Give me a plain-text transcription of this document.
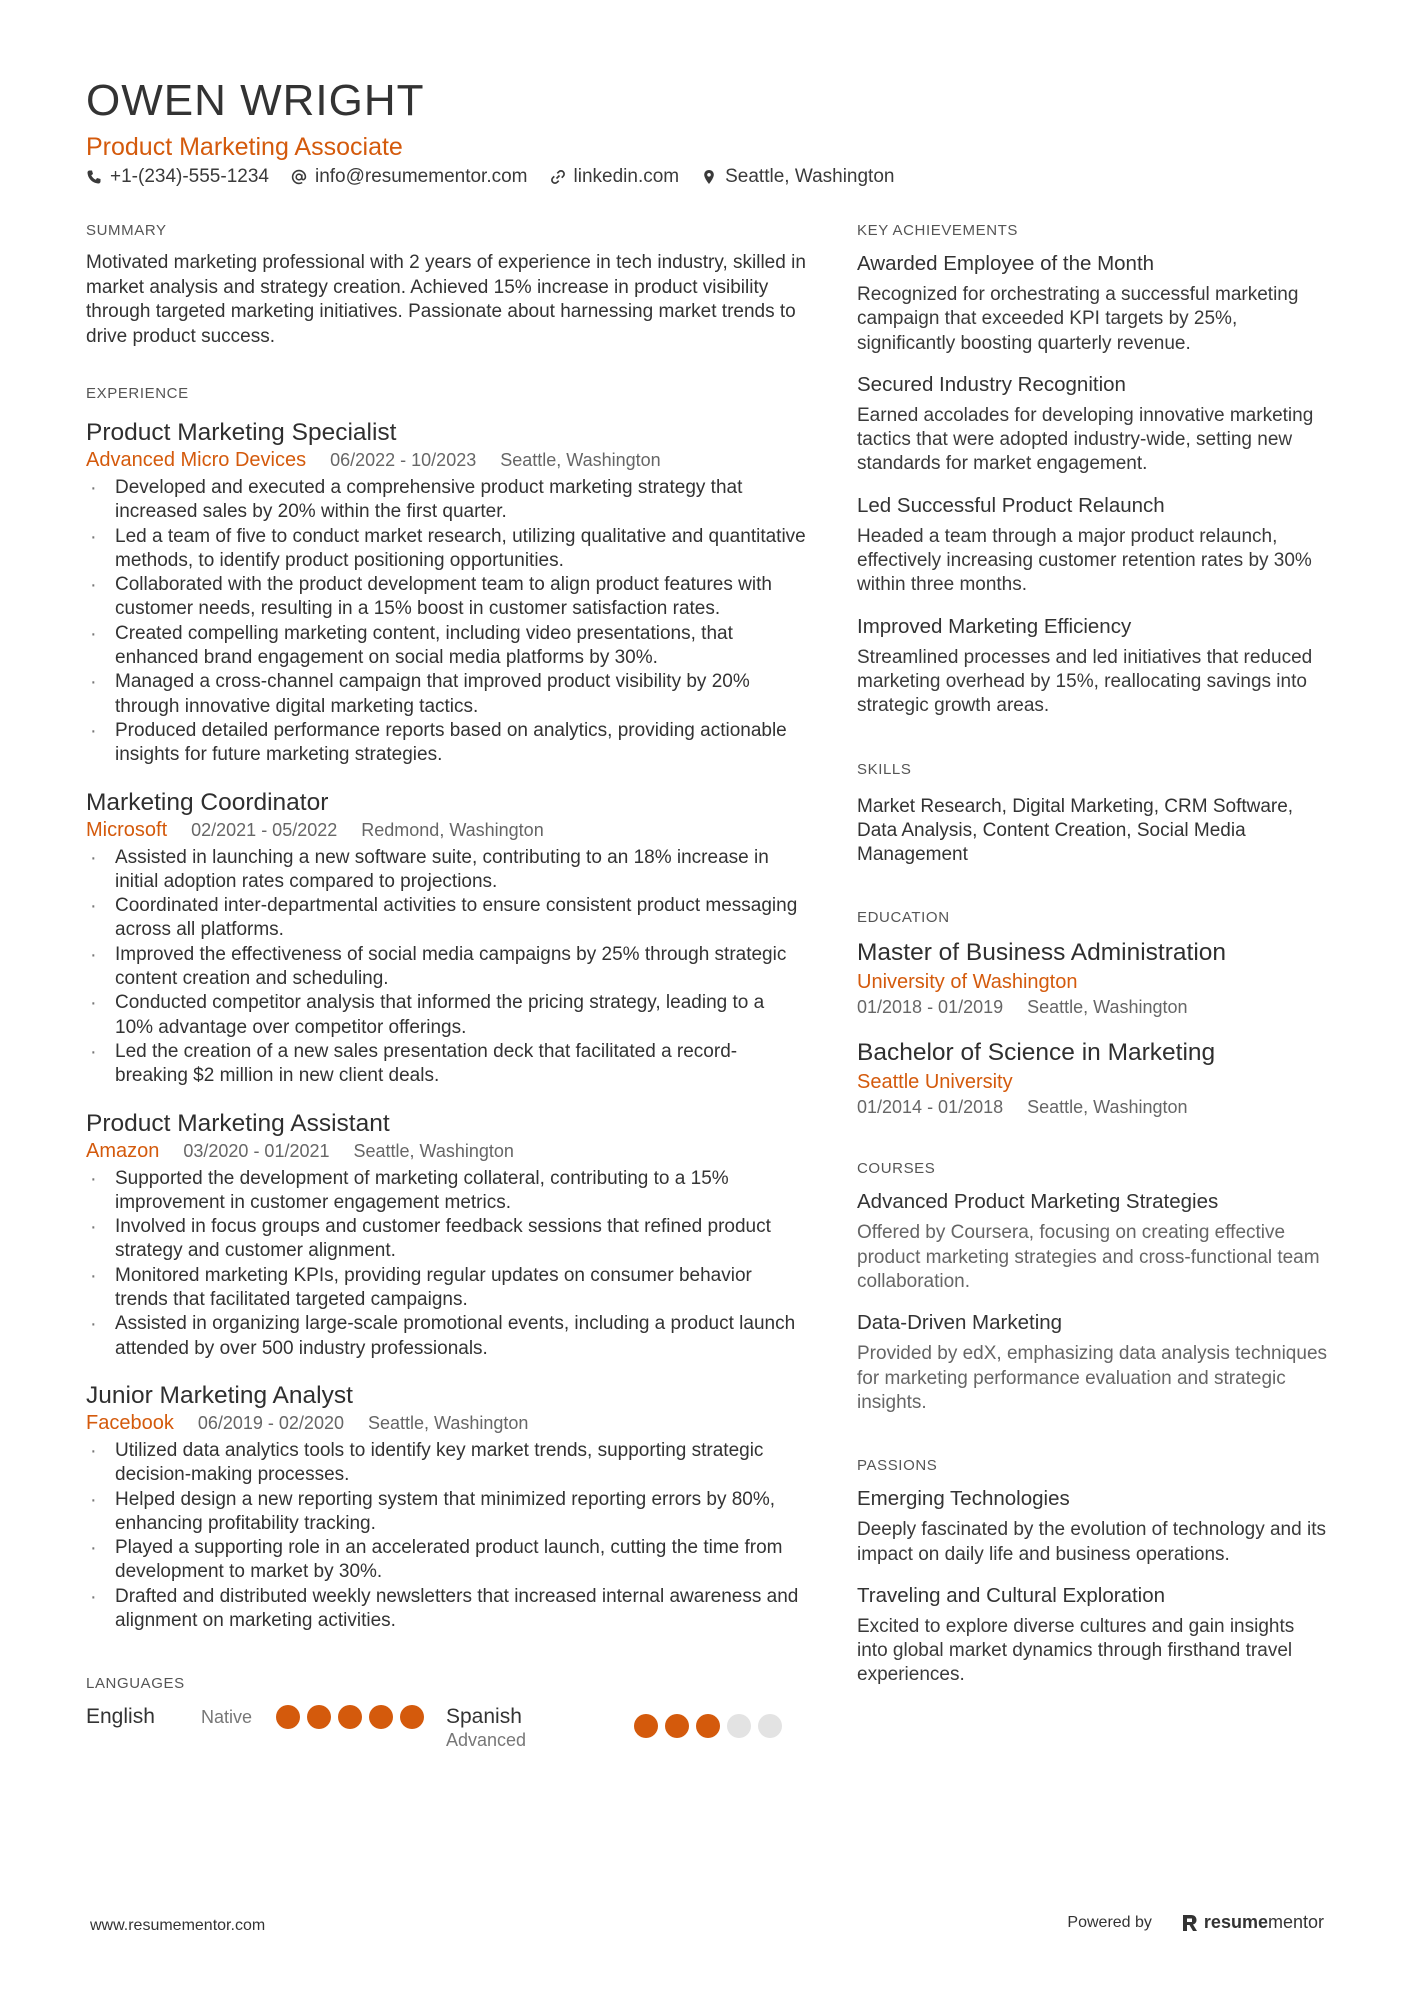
OWEN WRIGHT
Product Marketing Associate
+1-(234)-555-1234 info@resumementor.com linkedin.com Seattle, Washington
SUMMARY
Motivated marketing professional with 2 years of experience in tech industry, skilled in market analysis and strategy creation. Achieved 15% increase in product visibility through targeted marketing initiatives. Passionate about harnessing market trends to drive product success.
EXPERIENCE
Product Marketing Specialist
Advanced Micro Devices 06/2022 - 10/2023 Seattle, Washington
· Developed and executed a comprehensive product marketing strategy that increased sales by 20% within the first quarter.
· Led a team of five to conduct market research, utilizing qualitative and quantitative methods, to identify product positioning opportunities.
· Collaborated with the product development team to align product features with customer needs, resulting in a 15% boost in customer satisfaction rates.
· Created compelling marketing content, including video presentations, that enhanced brand engagement on social media platforms by 30%.
· Managed a cross-channel campaign that improved product visibility by 20% through innovative digital marketing tactics.
· Produced detailed performance reports based on analytics, providing actionable insights for future marketing strategies.
Marketing Coordinator
Microsoft 02/2021 - 05/2022 Redmond, Washington
· Assisted in launching a new software suite, contributing to an 18% increase in initial adoption rates compared to projections.
· Coordinated inter-departmental activities to ensure consistent product messaging across all platforms.
· Improved the effectiveness of social media campaigns by 25% through strategic content creation and scheduling.
· Conducted competitor analysis that informed the pricing strategy, leading to a 10% advantage over competitor offerings.
· Led the creation of a new sales presentation deck that facilitated a record-breaking $2 million in new client deals.
Product Marketing Assistant
Amazon 03/2020 - 01/2021 Seattle, Washington
· Supported the development of marketing collateral, contributing to a 15% improvement in customer engagement metrics.
· Involved in focus groups and customer feedback sessions that refined product strategy and customer alignment.
· Monitored marketing KPIs, providing regular updates on consumer behavior trends that facilitated targeted campaigns.
· Assisted in organizing large-scale promotional events, including a product launch attended by over 500 industry professionals.
Junior Marketing Analyst
Facebook 06/2019 - 02/2020 Seattle, Washington
· Utilized data analytics tools to identify key market trends, supporting strategic decision-making processes.
· Helped design a new reporting system that minimized reporting errors by 80%, enhancing profitability tracking.
· Played a supporting role in an accelerated product launch, cutting the time from development to market by 30%.
· Drafted and distributed weekly newsletters that increased internal awareness and alignment on marketing activities.
LANGUAGES
English	Native	Spanish
Advanced
KEY ACHIEVEMENTS
Awarded Employee of the Month
Recognized for orchestrating a successful marketing campaign that exceeded KPI targets by 25%, significantly boosting quarterly revenue.
Secured Industry Recognition
Earned accolades for developing innovative marketing tactics that were adopted industry-wide, setting new standards for market engagement.
Led Successful Product Relaunch
Headed a team through a major product relaunch, effectively increasing customer retention rates by 30% within three months.
Improved Marketing Efficiency
Streamlined processes and led initiatives that reduced marketing overhead by 15%, reallocating savings into strategic growth areas.
SKILLS
Market Research, Digital Marketing, CRM Software, Data Analysis, Content Creation, Social Media Management
EDUCATION
Master of Business Administration
University of Washington
01/2018 - 01/2019 Seattle, Washington
Bachelor of Science in Marketing
Seattle University
01/2014 - 01/2018 Seattle, Washington
COURSES
Advanced Product Marketing Strategies
Offered by Coursera, focusing on creating effective product marketing strategies and cross-functional team collaboration.
Data-Driven Marketing
Provided by edX, emphasizing data analysis techniques for marketing performance evaluation and strategic insights.
PASSIONS
Emerging Technologies
Deeply fascinated by the evolution of technology and its impact on daily life and business operations.
Traveling and Cultural Exploration
Excited to explore diverse cultures and gain insights into global market dynamics through firsthand travel experiences.
www.resumementor.com	Powered by	resume mentor
